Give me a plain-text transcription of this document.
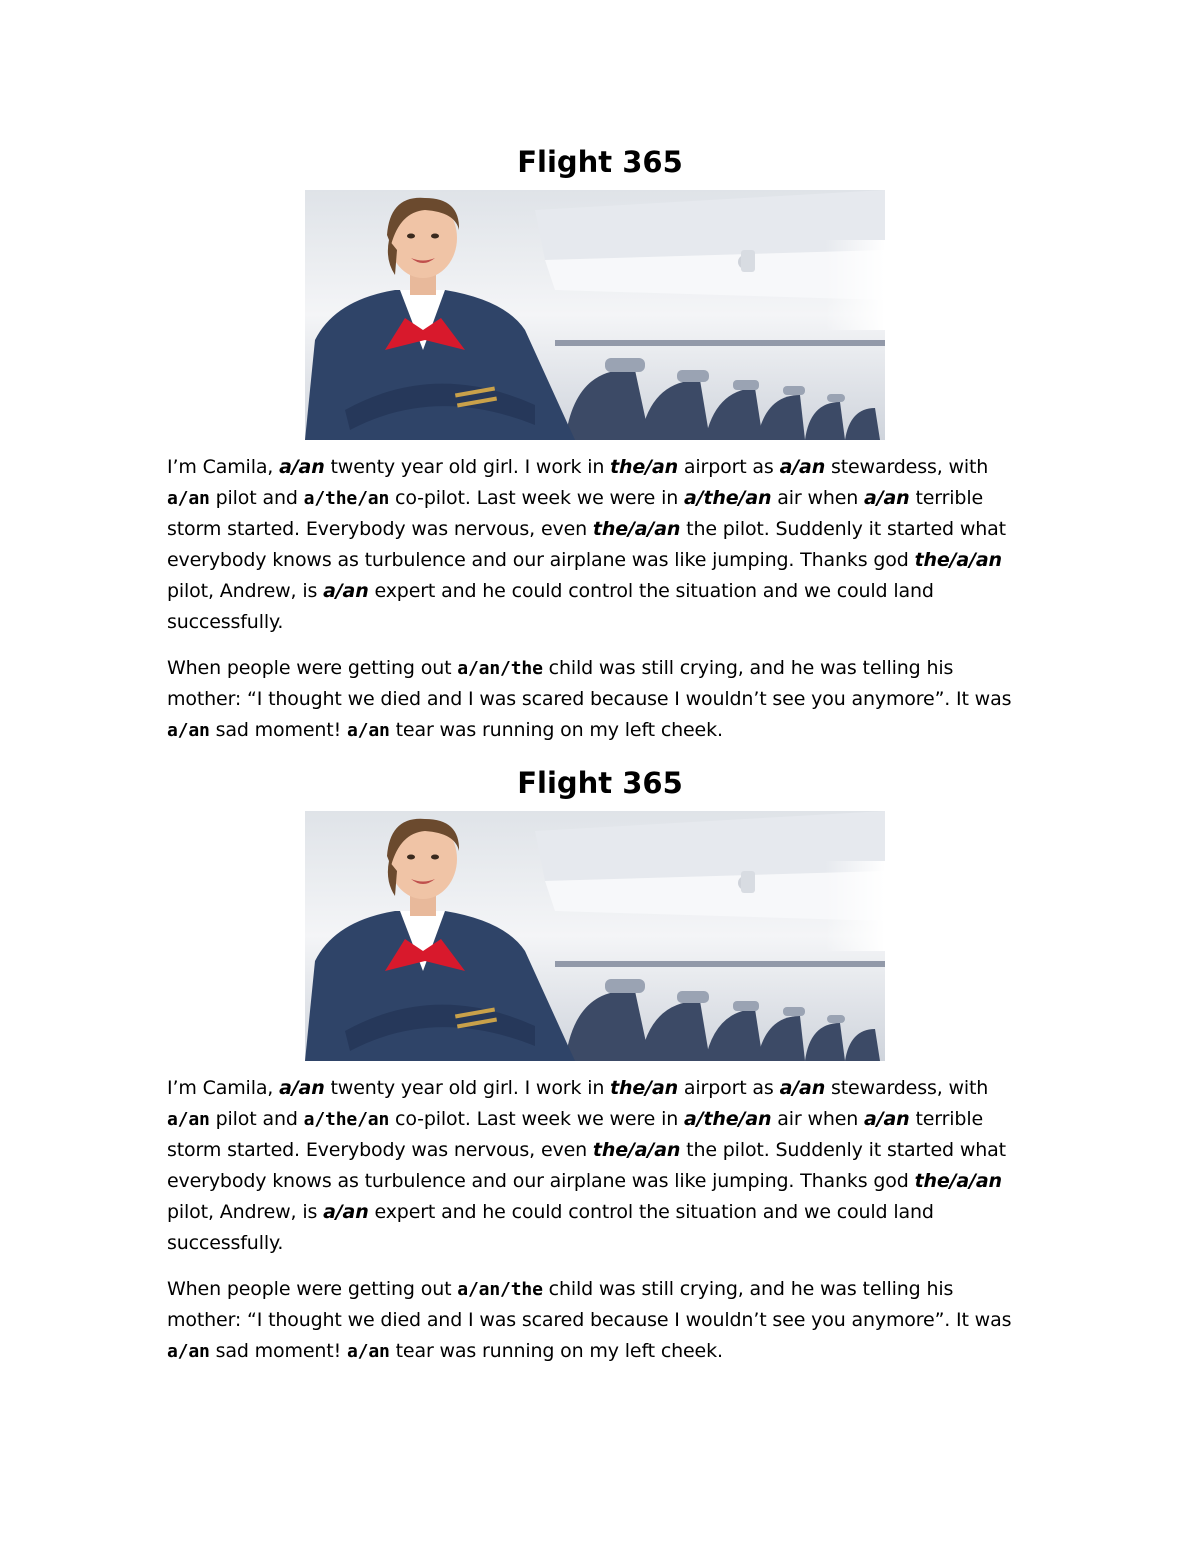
Flight 365

I’m Camila, a/an twenty year old girl. I work in the/an airport as a/an stewardess, with a/an pilot and a/the/an co-pilot. Last week we were in a/the/an air when a/an terrible storm started. Everybody was nervous, even the/a/an the pilot. Suddenly it started what everybody knows as turbulence and our airplane was like jumping. Thanks god the/a/an pilot, Andrew, is a/an expert and he could control the situation and we could land successfully.

When people were getting out a/an/the child was still crying, and he was telling his mother: “I thought we died and I was scared because I wouldn’t see you anymore”. It was a/an sad moment! a/an tear was running on my left cheek.

Flight 365

I’m Camila, a/an twenty year old girl. I work in the/an airport as a/an stewardess, with a/an pilot and a/the/an co-pilot. Last week we were in a/the/an air when a/an terrible storm started. Everybody was nervous, even the/a/an the pilot. Suddenly it started what everybody knows as turbulence and our airplane was like jumping. Thanks god the/a/an pilot, Andrew, is a/an expert and he could control the situation and we could land successfully.

When people were getting out a/an/the child was still crying, and he was telling his mother: “I thought we died and I was scared because I wouldn’t see you anymore”. It was a/an sad moment! a/an tear was running on my left cheek.
